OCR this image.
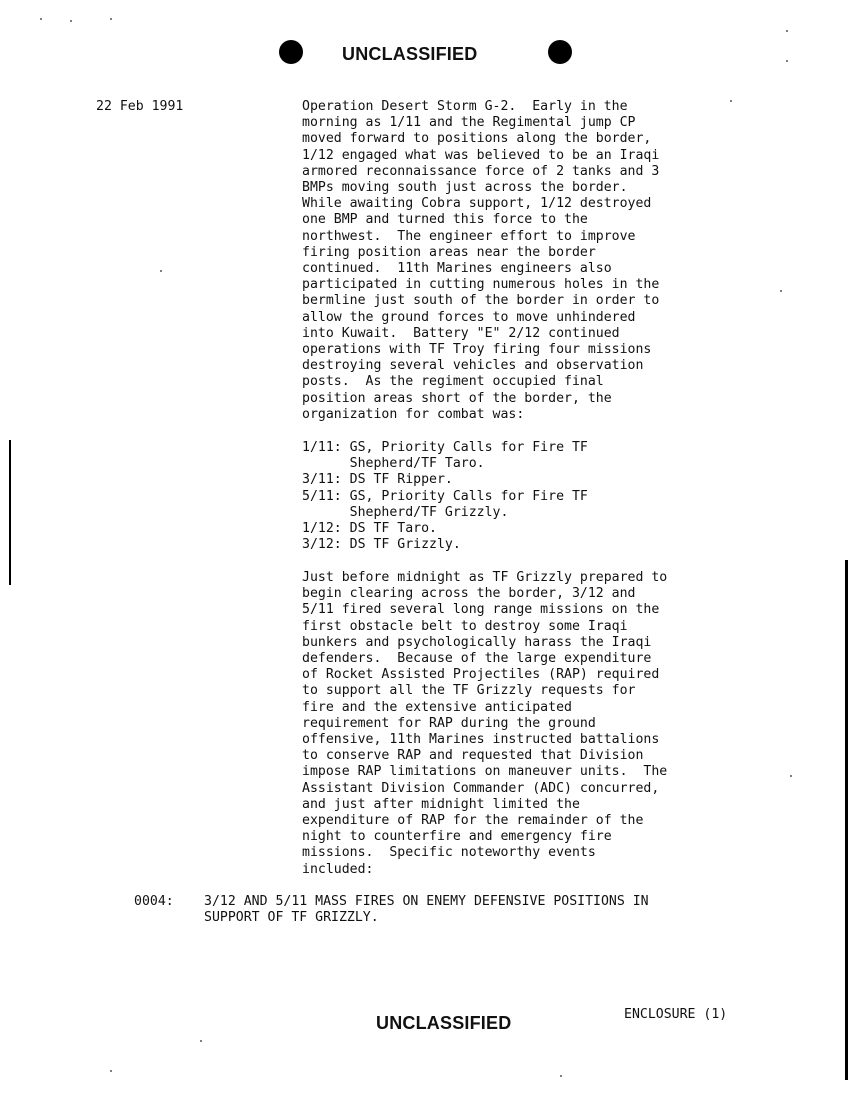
UNCLASSIFIED
22 Feb 1991	Operation Desert Storm G-2.  Early in the
morning as 1/11 and the Regimental jump CP
moved forward to positions along the border,
1/12 engaged what was believed to be an Iraqi
armored reconnaissance force of 2 tanks and 3
BMPs moving south just across the border.
While awaiting Cobra support, 1/12 destroyed
one BMP and turned this force to the
northwest.  The engineer effort to improve
firing position areas near the border
continued.  11th Marines engineers also
participated in cutting numerous holes in the
bermline just south of the border in order to
allow the ground forces to move unhindered
into Kuwait.  Battery "E" 2/12 continued
operations with TF Troy firing four missions
destroying several vehicles and observation
posts.  As the regiment occupied final
position areas short of the border, the
organization for combat was:
1/11: GS, Priority Calls for Fire TF
Shepherd/TF Taro.
3/11: DS TF Ripper.
5/11: GS, Priority Calls for Fire TF
Shepherd/TF Grizzly.
1/12: DS TF Taro.
3/12: DS TF Grizzly.
Just before midnight as TF Grizzly prepared to
begin clearing across the border, 3/12 and
5/11 fired several long range missions on the
first obstacle belt to destroy some Iraqi
bunkers and psychologically harass the Iraqi
defenders.  Because of the large expenditure
of Rocket Assisted Projectiles (RAP) required
to support all the TF Grizzly requests for
fire and the extensive anticipated
requirement for RAP during the ground
offensive, 11th Marines instructed battalions
to conserve RAP and requested that Division
impose RAP limitations on maneuver units.  The
Assistant Division Commander (ADC) concurred,
and just after midnight limited the
expenditure of RAP for the remainder of the
night to counterfire and emergency fire
missions.  Specific noteworthy events
included:
0004: 3/12 AND 5/11 MASS FIRES ON ENEMY DEFENSIVE POSITIONS IN
SUPPORT OF TF GRIZZLY.
UNCLASSIFIED	ENCLOSURE (1)
